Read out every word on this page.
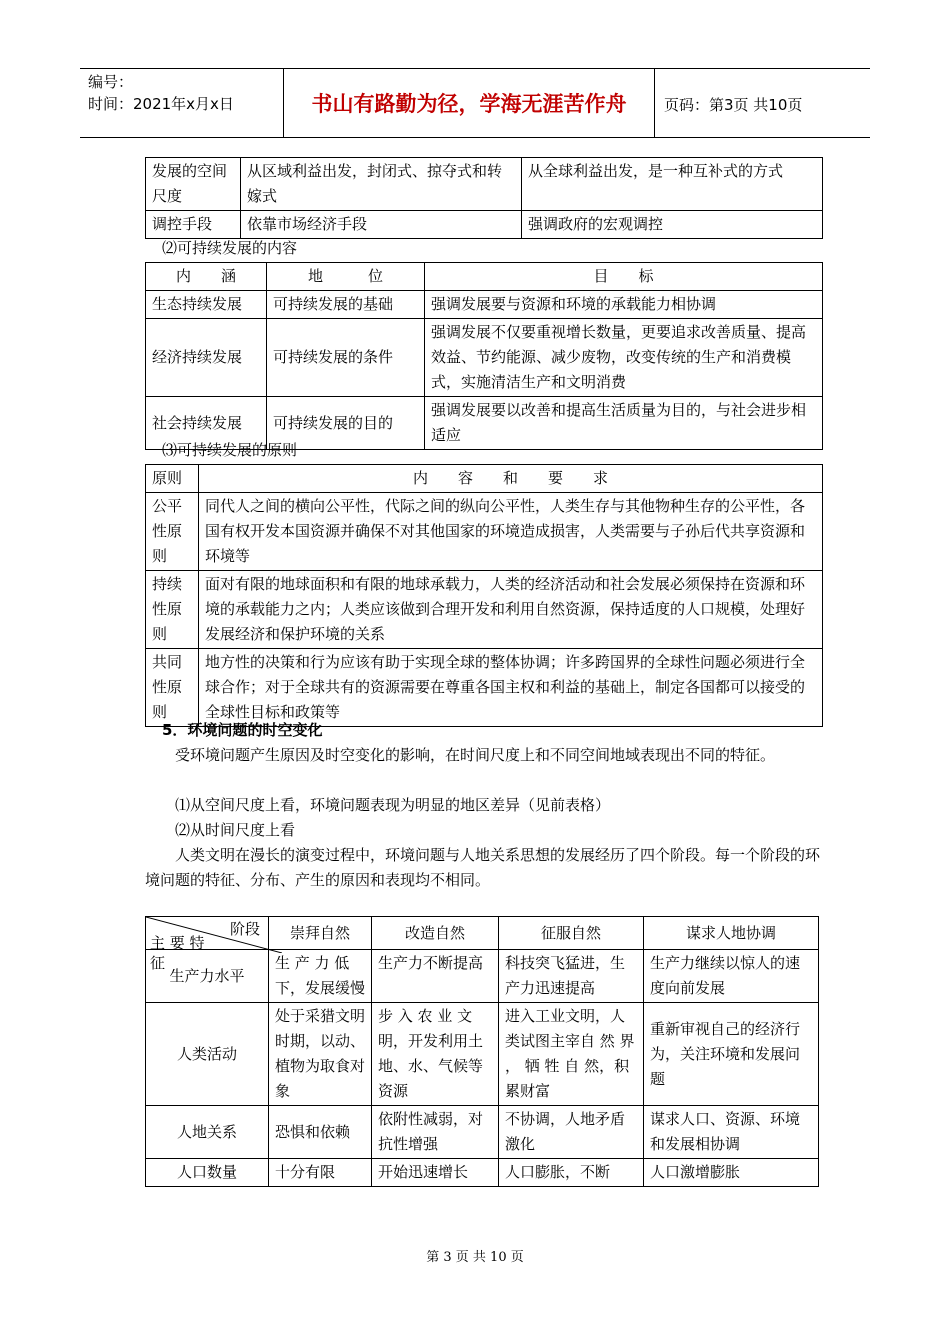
编号：
时间：2021年x月x日	书山有路勤为径，学海无涯苦作舟	页码：第3页 共10页
发展的空间尺度	从区域利益出发，封闭式、掠夺式和转嫁式	从全球利益出发，是一种互补式的方式
调控手段	依靠市场经济手段	强调政府的宏观调控
⑵可持续发展的内容
内　　涵	地　　　位	目　　标
生态持续发展	可持续发展的基础	强调发展要与资源和环境的承载能力相协调
经济持续发展	可持续发展的条件	强调发展不仅要重视增长数量，更要追求改善质量、提高效益、节约能源、减少废物，改变传统的生产和消费模式，实施清洁生产和文明消费
社会持续发展	可持续发展的目的	强调发展要以改善和提高生活质量为目的，与社会进步相适应
⑶可持续发展的原则
原则	内　　容　　和　　要　　求
公平性原则	同代人之间的横向公平性，代际之间的纵向公平性，人类生存与其他物种生存的公平性，各国有权开发本国资源并确保不对其他国家的环境造成损害，人类需要与子孙后代共享资源和环境等
持续性原则	面对有限的地球面积和有限的地球承载力，人类的经济活动和社会发展必须保持在资源和环境的承载能力之内；人类应该做到合理开发和利用自然资源，保持适度的人口规模，处理好发展经济和保护环境的关系
共同性原则	地方性的决策和行为应该有助于实现全球的整体协调；许多跨国界的全球性问题必须进行全球合作；对于全球共有的资源需要在尊重各国主权和利益的基础上，制定各国都可以接受的全球性目标和政策等
5．环境问题的时空变化
受环境问题产生原因及时空变化的影响，在时间尺度上和不同空间地域表现出不同的特征。
⑴从空间尺度上看，环境问题表现为明显的地区差异（见前表格）
⑵从时间尺度上看
人类文明在漫长的演变过程中，环境问题与人地关系思想的发展经历了四个阶段。每一个阶段的环境问题的特征、分布、产生的原因和表现均不相同。
阶段
主 要 特 征	崇拜自然	改造自然	征服自然	谋求人地协调
生产力水平	生 产 力 低 下，发展缓慢	生产力不断提高	科技突飞猛进，生产力迅速提高	生产力继续以惊人的速度向前发展
人类活动	处于采猎文明时期，以动、植物为取食对象	步 入 农 业 文 明，开发利用土地、水、气候等资源	进入工业文明，人类试图主宰自 然 界 ， 牺 牲 自 然，积累财富	重新审视自己的经济行为，关注环境和发展问题
人地关系	恐惧和依赖	依附性减弱，对抗性增强	不协调，人地矛盾激化	谋求人口、资源、环境和发展相协调
人口数量	十分有限	开始迅速增长	人口膨胀，不断	人口激增膨胀
第 3 页 共 10 页
